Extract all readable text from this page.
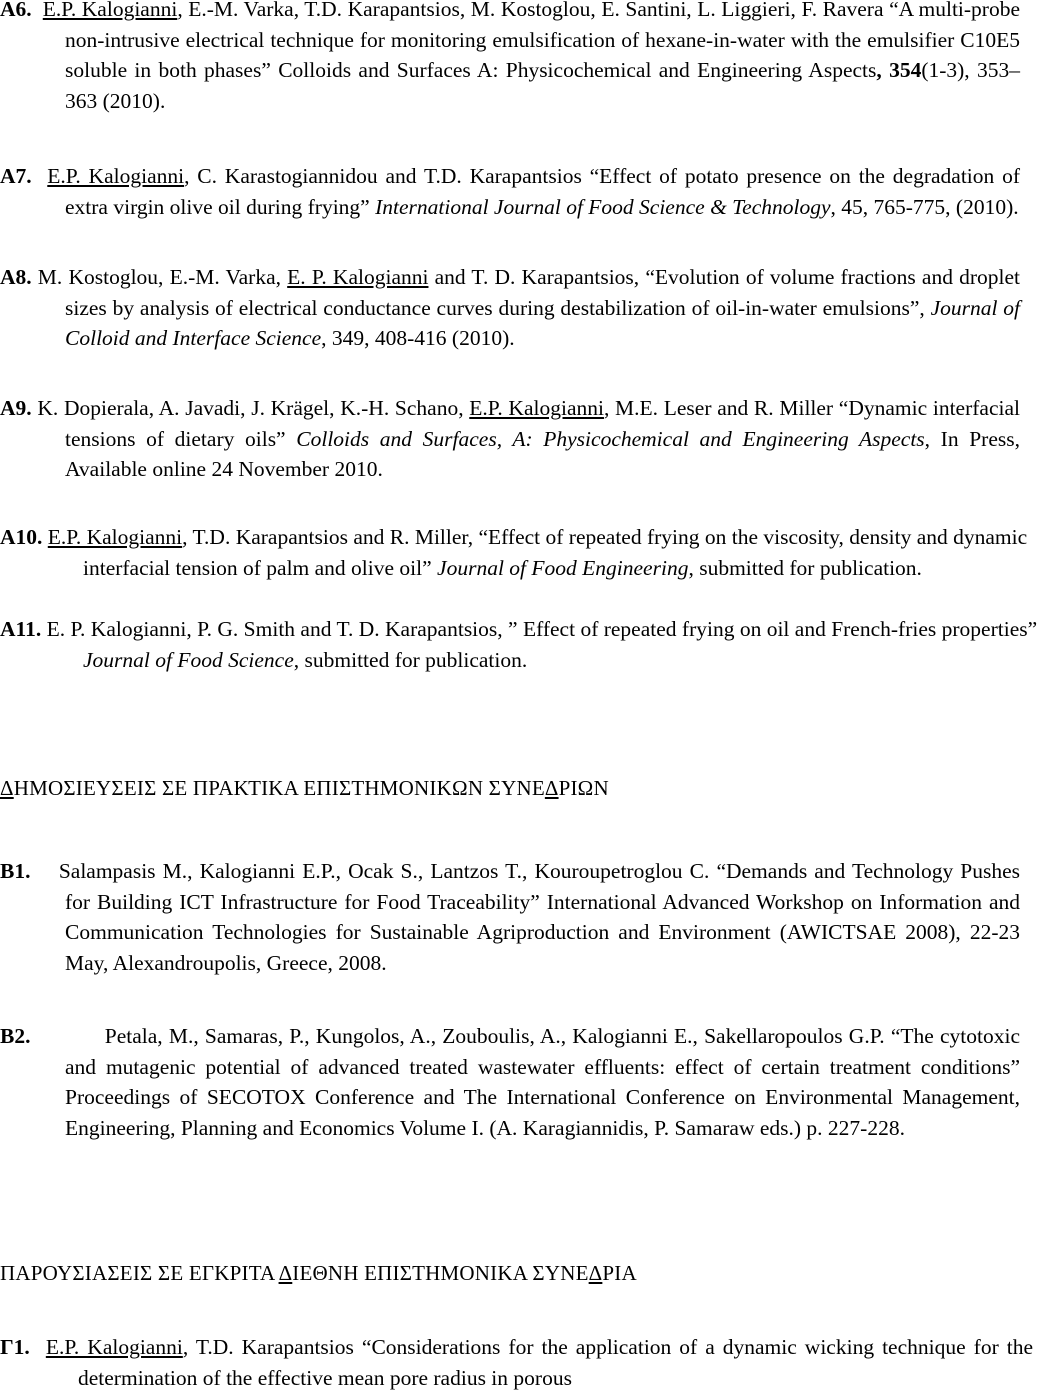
A6. E.P. Kalogianni, E.-M. Varka, T.D. Karapantsios, M. Kostoglou, E. Santini, L. Liggieri, F. Ravera “A multi-probe non-intrusive electrical technique for monitoring emulsification of hexane-in-water with the emulsifier C10E5 soluble in both phases” Colloids and Surfaces A: Physicochemical and Engineering Aspects, 354(1-3), 353–363 (2010).
A7. E.P. Kalogianni, C. Karastogiannidou and T.D. Karapantsios “Effect of potato presence on the degradation of extra virgin olive oil during frying” International Journal of Food Science & Technology, 45, 765-775, (2010).
A8. M. Kostoglou, E.-M. Varka, E. P. Kalogianni and T. D. Karapantsios, “Evolution of volume fractions and droplet sizes by analysis of electrical conductance curves during destabilization of oil-in-water emulsions”, Journal of Colloid and Interface Science, 349, 408-416 (2010).
A9. K. Dopierala, A. Javadi, J. Krägel, K.-H. Schano, E.P. Kalogianni, M.E. Leser and R. Miller “Dynamic interfacial tensions of dietary oils” Colloids and Surfaces, A: Physicochemical and Engineering Aspects, In Press, Available online 24 November 2010.
A10. E.P. Kalogianni, T.D. Karapantsios and R. Miller, “Effect of repeated frying on the viscosity, density and dynamic interfacial tension of palm and olive oil” Journal of Food Engineering, submitted for publication.
A11. E. P. Kalogianni, P. G. Smith and T. D. Karapantsios, ” Effect of repeated frying on oil and French-fries properties” Journal of Food Science, submitted for publication.
ΔΗΜΟΣΙΕΥΣΕΙΣ ΣΕ ΠΡΑΚΤΙΚΑ ΕΠΙΣΤΗΜΟΝΙΚΩΝ ΣΥΝΕΔΡΙΩΝ
B1. Salampasis M., Kalogianni E.P., Ocak S., Lantzos T., Kouroupetroglou C. “Demands and Technology Pushes for Building ICT Infrastructure for Food Traceability” International Advanced Workshop on Information and Communication Technologies for Sustainable Agriproduction and Environment (AWICTSAE 2008), 22-23 May, Alexandroupolis, Greece, 2008.
B2.	Petala, M., Samaras, P., Kungolos, A., Zouboulis, A., Kalogianni E., Sakellaropoulos G.P. “The cytotoxic and mutagenic potential of advanced treated wastewater effluents: effect of certain treatment conditions” Proceedings of SECOTOX Conference and The International Conference on Environmental Management, Engineering, Planning and Economics Volume I. (A. Karagiannidis, P. Samaraw eds.) p. 227-228.
ΠΑΡΟΥΣΙΑΣΕΙΣ ΣΕ ΕΓΚΡΙΤΑ ΔΙΕΘΝΗ ΕΠΙΣΤΗΜΟΝΙΚΑ ΣΥΝΕΔΡΙΑ
Γ1. E.P. Kalogianni, T.D. Karapantsios “Considerations for the application of a dynamic wicking technique for the determination of the effective mean pore radius in porous
